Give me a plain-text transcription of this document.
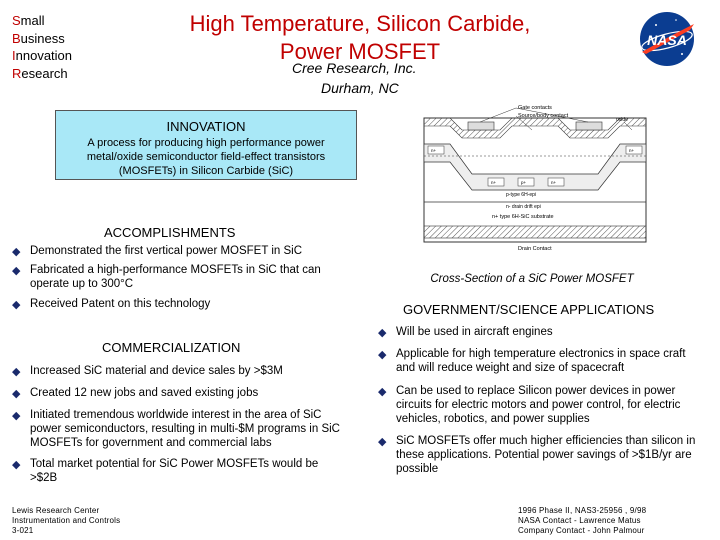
Small
Business
Innovation
Research
High Temperature, Silicon Carbide,
Power MOSFET
Cree Research, Inc.
Durham, NC
NASA
INNOVATION
A process for producing high performance power metal/oxide semiconductor field-effect transistors (MOSFETs) in Silicon Carbide (SiC)
ACCOMPLISHMENTS
◆ Demonstrated the first vertical power MOSFET in SiC
◆ Fabricated a high-performance MOSFETs in SiC that can operate up to 300°C
◆ Received Patent on this technology
COMMERCIALIZATION
◆ Increased SiC material and device sales by >$3M
◆ Created 12 new jobs and saved existing jobs
◆ Initiated tremendous worldwide interest in the area of SiC power semiconductors, resulting in multi-$M programs in SiC MOSFETs for government and commercial labs
◆ Total market potential for SiC Power MOSFETs would be >$2B
Gate contacts
Source/body contact
oxide
n+
n+	p+	n+
n+
p-type 6H-epi
n- drain drift epi
n+ type 6H-SiC substrate
Drain Contact
Cross-Section of a SiC Power MOSFET
GOVERNMENT/SCIENCE APPLICATIONS
◆ Will be used in aircraft engines
◆ Applicable for high temperature electronics in space craft and will reduce weight and size of spacecraft
◆ Can be used to replace Silicon power devices in power circuits for electric motors and power control, for electric vehicles, robotics, and power supplies
◆ SiC MOSFETs offer much higher efficiencies than silicon in these applications. Potential power savings of >$1B/yr are possible
Lewis Research Center
Instrumentation and Controls
3-021
1996 Phase II, NAS3-25956 , 9/98
NASA Contact - Lawrence Matus
Company Contact - John Palmour
